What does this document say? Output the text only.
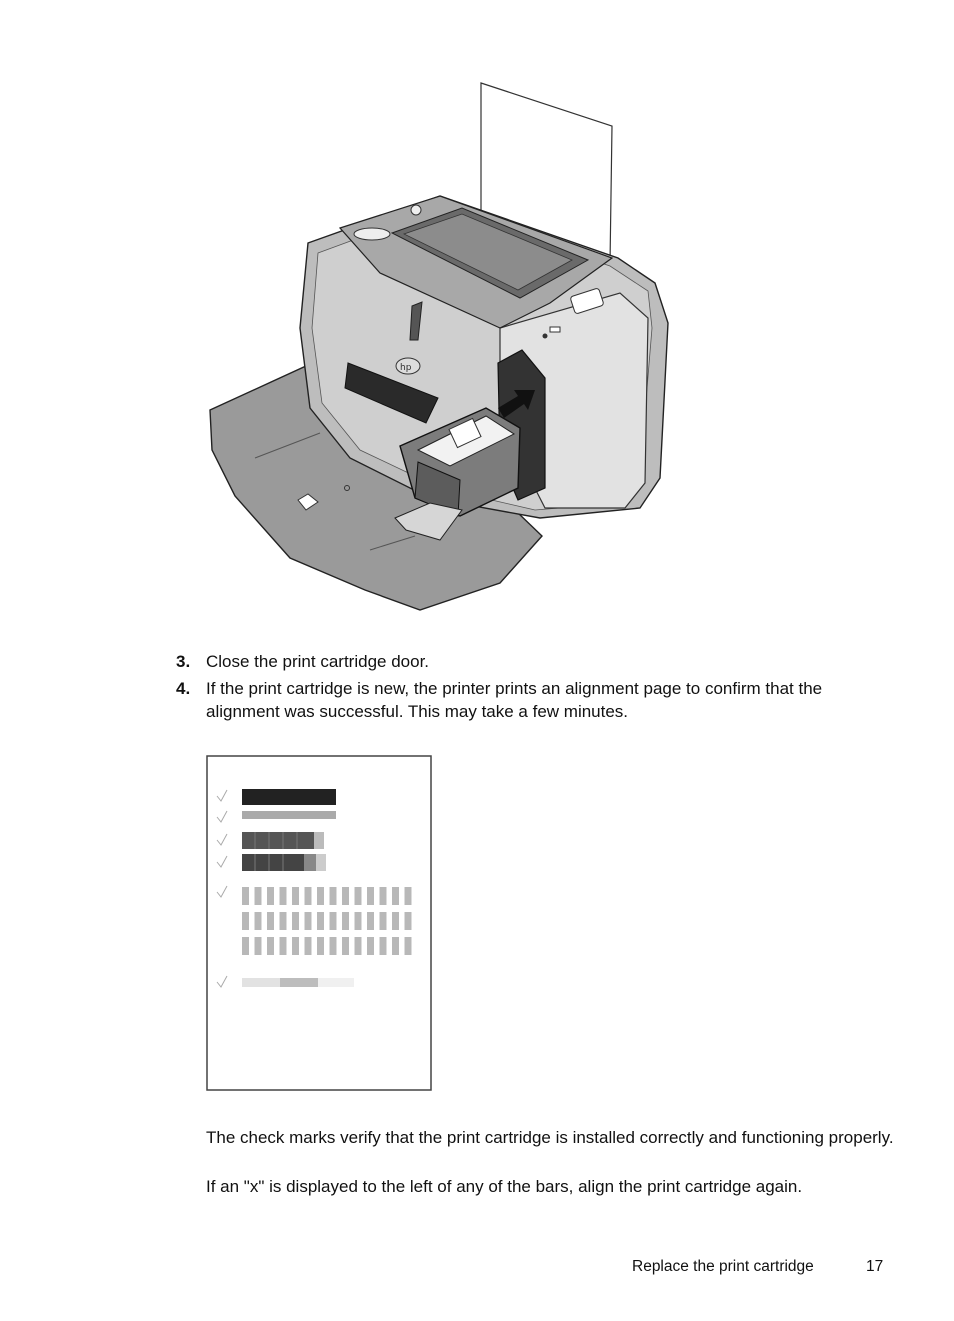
hp
3. Close the print cartridge door.
4. If the print cartridge is new, the printer prints an alignment page to confirm that the alignment was successful. This may take a few minutes.
The check marks verify that the print cartridge is installed correctly and functioning properly.
If an "x" is displayed to the left of any of the bars, align the print cartridge again.
Replace the print cartridge	17
